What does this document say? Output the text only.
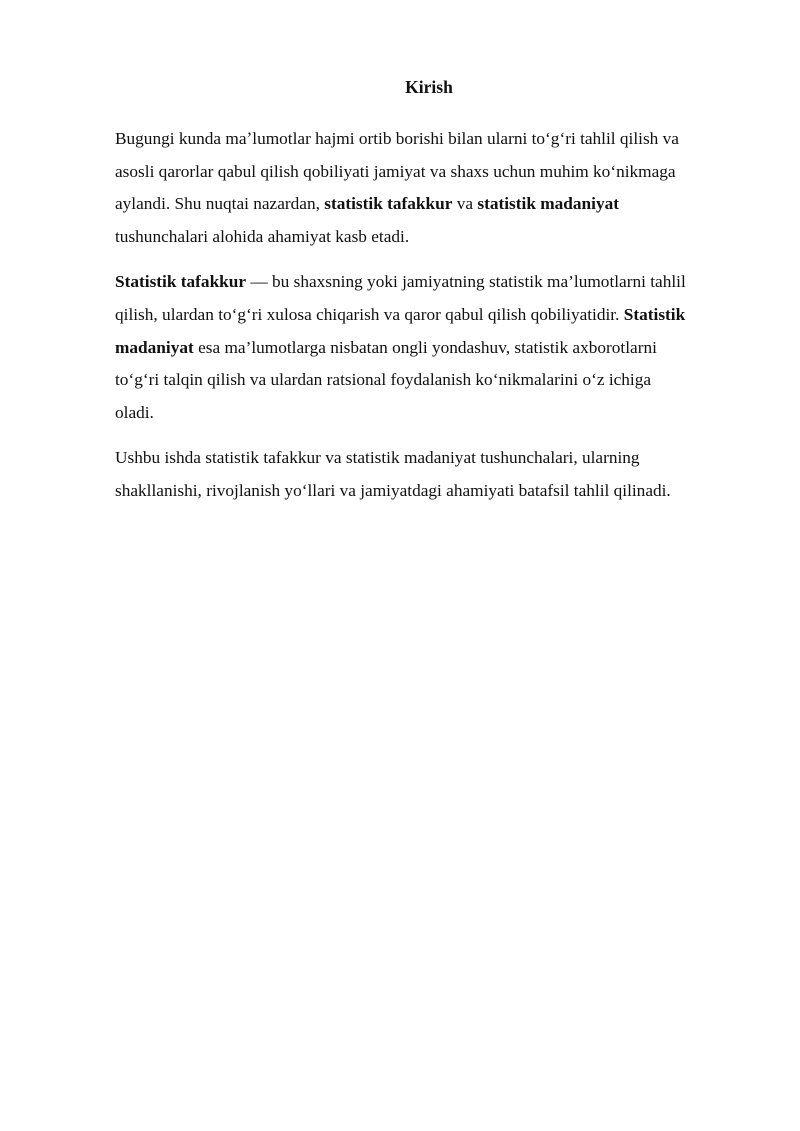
Kirish

Bugungi kunda maʼlumotlar hajmi ortib borishi bilan ularni to‘g‘ri tahlil qilish va
asosli qarorlar qabul qilish qobiliyati jamiyat va shaxs uchun muhim ko‘nikmaga
aylandi. Shu nuqtai nazardan, statistik tafakkur va statistik madaniyat
tushunchalari alohida ahamiyat kasb etadi.

Statistik tafakkur — bu shaxsning yoki jamiyatning statistik ma’lumotlarni tahlil
qilish, ulardan to‘g‘ri xulosa chiqarish va qaror qabul qilish qobiliyatidir. Statistik
madaniyat esa ma’lumotlarga nisbatan ongli yondashuv, statistik axborotlarni
to‘g‘ri talqin qilish va ulardan ratsional foydalanish ko‘nikmalarini o‘z ichiga
oladi.

Ushbu ishda statistik tafakkur va statistik madaniyat tushunchalari, ularning
shakllanishi, rivojlanish yo‘llari va jamiyatdagi ahamiyati batafsil tahlil qilinadi.
